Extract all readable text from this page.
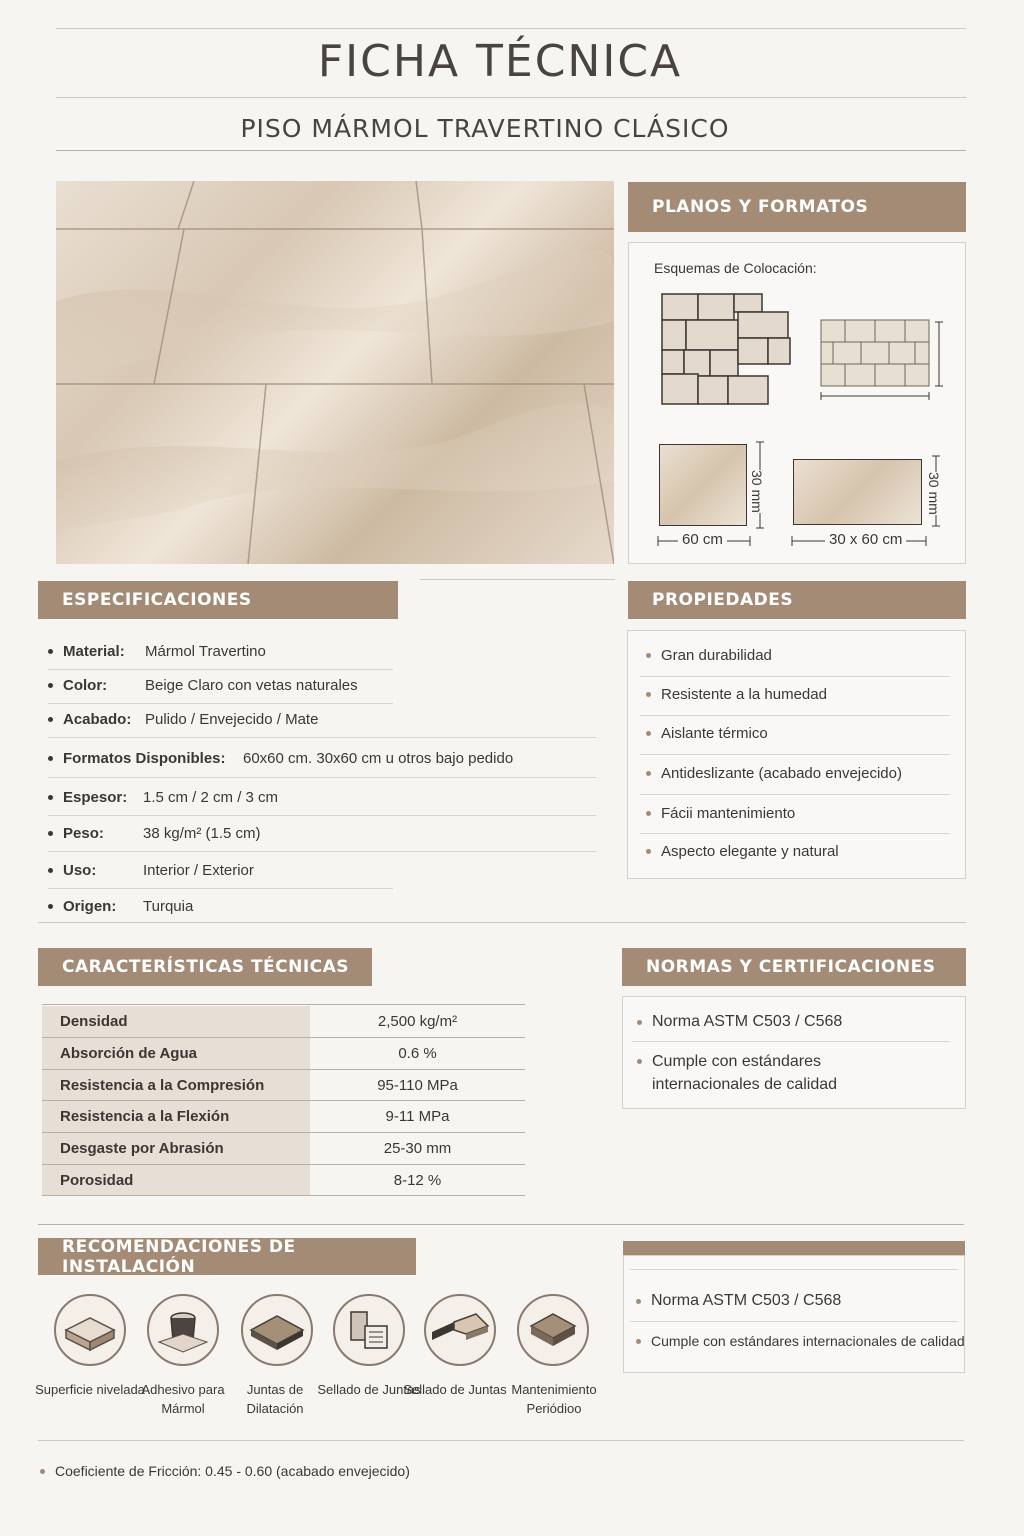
FICHA TÉCNICA
PISO MÁRMOL TRAVERTINO CLÁSICO
PLANOS Y FORMATOS
Esquemas de Colocación:
30 mm
60 cm
30 mm
30 x 60 cm
ESPECIFICACIONES
Material:	Mármol Travertino
Color:	Beige Claro con vetas naturales
Acabado: Pulido / Envejecido / Mate
Formatos Disponibles:	60x60 cm. 30x60 cm u otros bajo pedido
Espesor:	1.5 cm / 2 cm / 3 cm
Peso:	38 kg/m² (1.5 cm)
Uso:	Interior / Exterior
Origen:	Turquia
PROPIEDADES
Gran durabilidad
Resistente a la humedad
Aislante térmico
Antideslizante (acabado envejecido)
Fácii mantenimiento
Aspecto elegante y natural
CARACTERÍSTICAS TÉCNICAS
Densidad	2,500 kg/m²
Absorción de Agua	0.6 %
Resistencia a la Compresión	95-110 MPa
Resistencia a la Flexión	9-11 MPa
Desgaste por Abrasión	25-30 mm
Porosidad	8-12 %
NORMAS Y CERTIFICACIONES
Norma ASTM C503 / C568
Cumple con estándares internacionales de calidad
RECOMENDACIONES DE INSTALACIÓN
Superficie nivelada
Adhesivo para Mármol
Juntas de Dilatación
Sellado de Juntas
Sellado de Juntas Mantenimiento Periódioo
Norma ASTM C503 / C568
Cumple con estándares internacionales de calidad
Coeficiente de Fricción: 0.45 - 0.60 (acabado envejecido)
